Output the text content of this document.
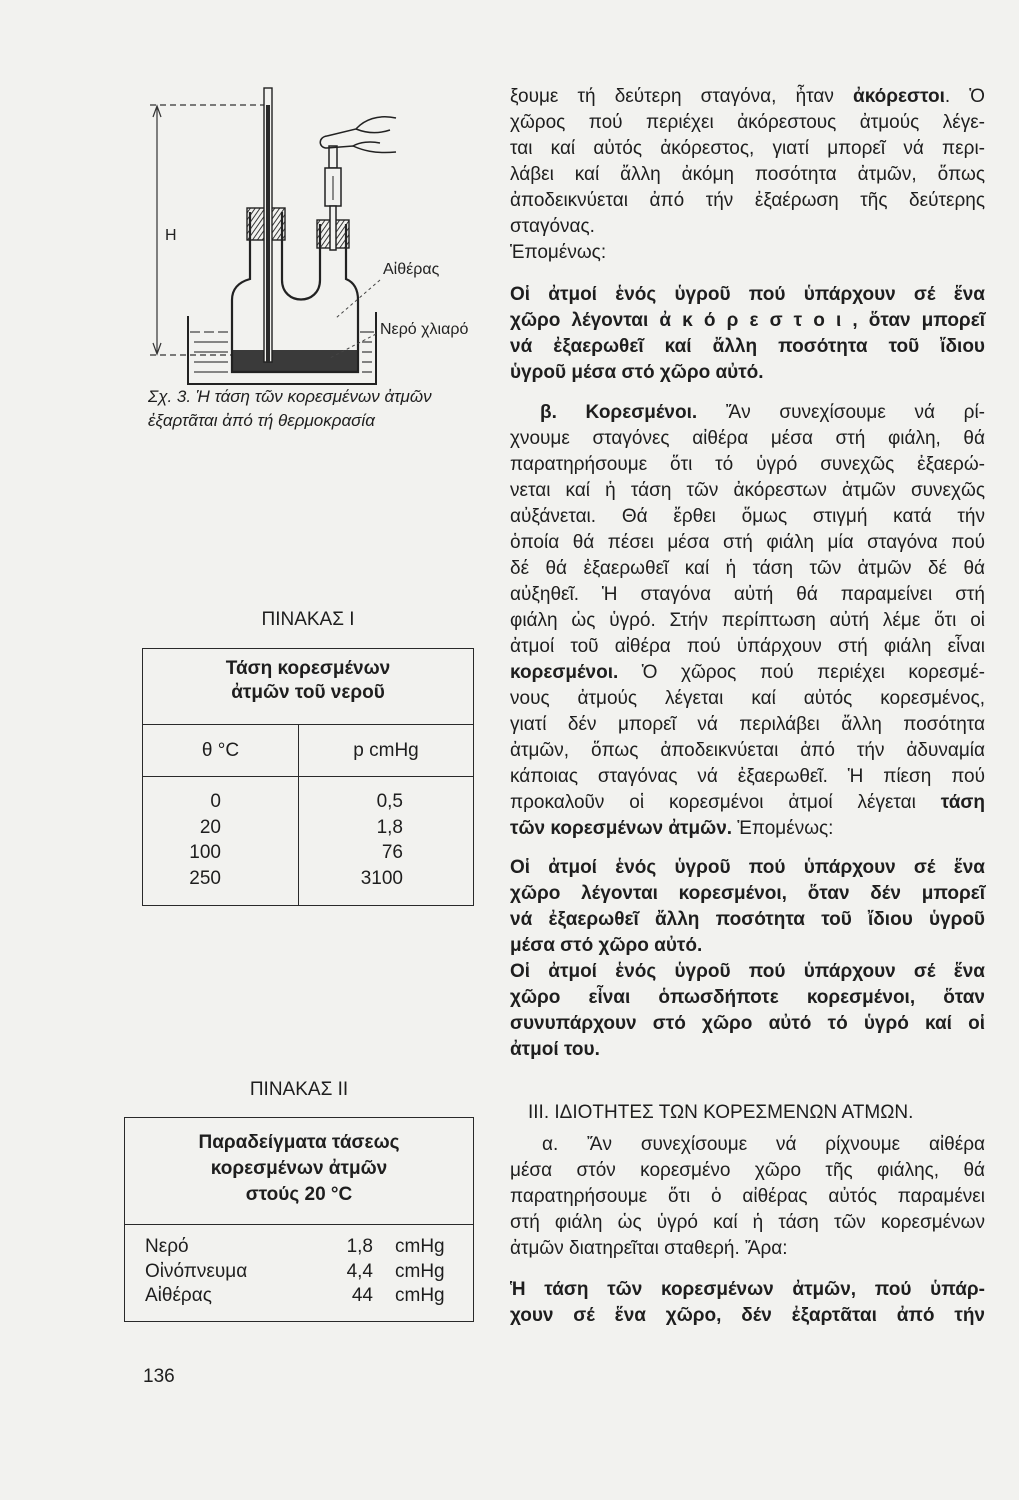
H
Αἰθέρας
Νερό χλιαρό
Σχ. 3. Ἡ τάση τῶν κορεσμένων ἀτμῶν
ἐξαρτᾶται ἀπό τή θερμοκρασία
ΠΙΝΑΚΑΣ Ι
Τάση κορεσμένων
ἀτμῶν τοῦ νεροῦ
θ °C	p cmHg
0	0,5
20	1,8
100	76
250	3100
ΠΙΝΑΚΑΣ ΙΙ
Παραδείγματα τάσεως
κορεσμένων ἀτμῶν
στούς 20 °C
Νερό	1,8 cmHg
Οἰνόπνευμα	4,4 cmHg
Αἰθέρας	44 cmHg
136
ξουμε τή δεύτερη σταγόνα, ἦταν ἀκόρεστοι. Ὁ
χῶρος πού περιέχει ἀκόρεστους ἀτμούς λέγε-
ται καί αὐτός ἀκόρεστος, γιατί μπορεῖ νά περι-
λάβει καί ἄλλη ἀκόμη ποσότητα ἀτμῶν, ὅπως
ἀποδεικνύεται ἀπό τήν ἐξαέρωση τῆς δεύτερης
σταγόνας.
Ἑπομένως:
Οἱ ἀτμοί ἑνός ὑγροῦ πού ὑπάρχουν σέ ἕνα
χῶρο λέγονται ἀ κ ό ρ ε σ τ ο ι , ὅταν μπορεῖ
νά ἐξαερωθεῖ καί ἄλλη ποσότητα τοῦ ἴδιου
ὑγροῦ μέσα στό χῶρο αὐτό.
β. Κορεσμένοι. Ἄν συνεχίσουμε νά ρί-
χνουμε σταγόνες αἰθέρα μέσα στή φιάλη, θά
παρατηρήσουμε ὅτι τό ὑγρό συνεχῶς ἐξαερώ-
νεται καί ἡ τάση τῶν ἀκόρεστων ἀτμῶν συνεχῶς
αὐξάνεται. Θά ἔρθει ὅμως στιγμή κατά τήν
ὁποία θά πέσει μέσα στή φιάλη μία σταγόνα πού
δέ θά ἐξαερωθεῖ καί ἡ τάση τῶν ἀτμῶν δέ θά
αὐξηθεῖ. Ἡ σταγόνα αὐτή θά παραμείνει στή
φιάλη ὡς ὑγρό. Στήν περίπτωση αὐτή λέμε ὅτι οἱ
ἀτμοί τοῦ αἰθέρα πού ὑπάρχουν στή φιάλη εἶναι
κορεσμένοι. Ὁ χῶρος πού περιέχει κορεσμέ-
νους ἀτμούς λέγεται καί αὐτός κορεσμένος,
γιατί δέν μπορεῖ νά περιλάβει ἄλλη ποσότητα
ἀτμῶν, ὅπως ἀποδεικνύεται ἀπό τήν ἀδυναμία
κάποιας σταγόνας νά ἐξαερωθεῖ. Ἡ πίεση πού
προκαλοῦν οἱ κορεσμένοι ἀτμοί λέγεται τάση
τῶν κορεσμένων ἀτμῶν. Ἑπομένως:
Οἱ ἀτμοί ἑνός ὑγροῦ πού ὑπάρχουν σέ ἕνα
χῶρο λέγονται κορεσμένοι, ὅταν δέν μπορεῖ
νά ἐξαερωθεῖ ἄλλη ποσότητα τοῦ ἴδιου ὑγροῦ
μέσα στό χῶρο αὐτό.
Οἱ ἀτμοί ἑνός ὑγροῦ πού ὑπάρχουν σέ ἕνα
χῶρο εἶναι ὁπωσδήποτε κορεσμένοι, ὅταν
συνυπάρχουν στό χῶρο αὐτό τό ὑγρό καί οἱ
ἀτμοί του.
III. ΙΔΙΟΤΗΤΕΣ ΤΩΝ ΚΟΡΕΣΜΕΝΩΝ ΑΤΜΩΝ.
α. Ἄν συνεχίσουμε νά ρίχνουμε αἰθέρα
μέσα στόν κορεσμένο χῶρο τῆς φιάλης, θά
παρατηρήσουμε ὅτι ὁ αἰθέρας αὐτός παραμένει
στή φιάλη ὡς ὑγρό καί ἡ τάση τῶν κορεσμένων
ἀτμῶν διατηρεῖται σταθερή. Ἄρα:
Ἡ τάση τῶν κορεσμένων ἀτμῶν, πού ὑπάρ-
χουν σέ ἕνα χῶρο, δέν ἐξαρτᾶται ἀπό τήν
